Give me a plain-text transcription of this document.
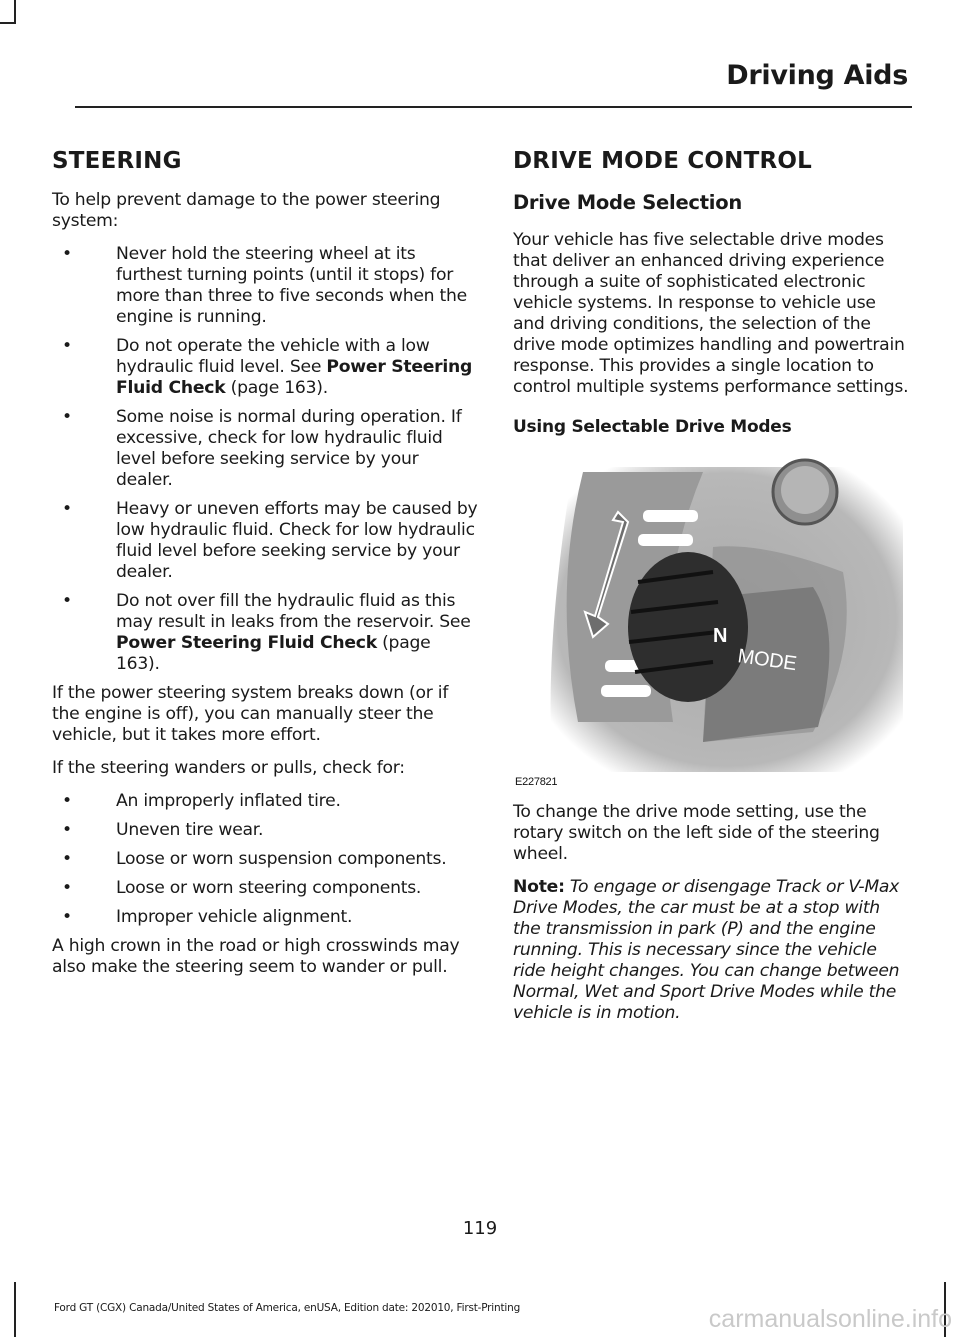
Driving Aids
STEERING

To help prevent damage to the power steering system:

•	Never hold the steering wheel at its furthest turning points (until it stops) for more than three to five seconds when the engine is running.
•	Do not operate the vehicle with a low hydraulic fluid level. See Power Steering Fluid Check (page 163).
•	Some noise is normal during operation. If excessive, check for low hydraulic fluid level before seeking service by your dealer.
•	Heavy or uneven efforts may be caused by low hydraulic fluid. Check for low hydraulic fluid level before seeking service by your dealer.
•	Do not over fill the hydraulic fluid as this may result in leaks from the reservoir. See Power Steering Fluid Check (page 163).

If the power steering system breaks down (or if the engine is off), you can manually steer the vehicle, but it takes more effort.

If the steering wanders or pulls, check for:

•	An improperly inflated tire.
•	Uneven tire wear.
•	Loose or worn suspension components.
•	Loose or worn steering components.
•	Improper vehicle alignment.

A high crown in the road or high crosswinds may also make the steering seem to wander or pull.

DRIVE MODE CONTROL
Drive Mode Selection

Your vehicle has five selectable drive modes that deliver an enhanced driving experience through a suite of sophisticated electronic vehicle systems. In response to vehicle use and driving conditions, the selection of the drive mode optimizes handling and powertrain response. This provides a single location to control multiple systems performance settings.

Using Selectable Drive Modes
N
MODE
E227821

To change the drive mode setting, use the rotary switch on the left side of the steering wheel.

Note: To engage or disengage Track or V-Max Drive Modes, the car must be at a stop with the transmission in park (P) and the engine running. This is necessary since the vehicle ride height changes. You can change between Normal, Wet and Sport Drive Modes while the vehicle is in motion.

119
Ford GT (CGX) Canada/United States of America, enUSA, Edition date: 202010, First-Printing	carmanualsonline.info
